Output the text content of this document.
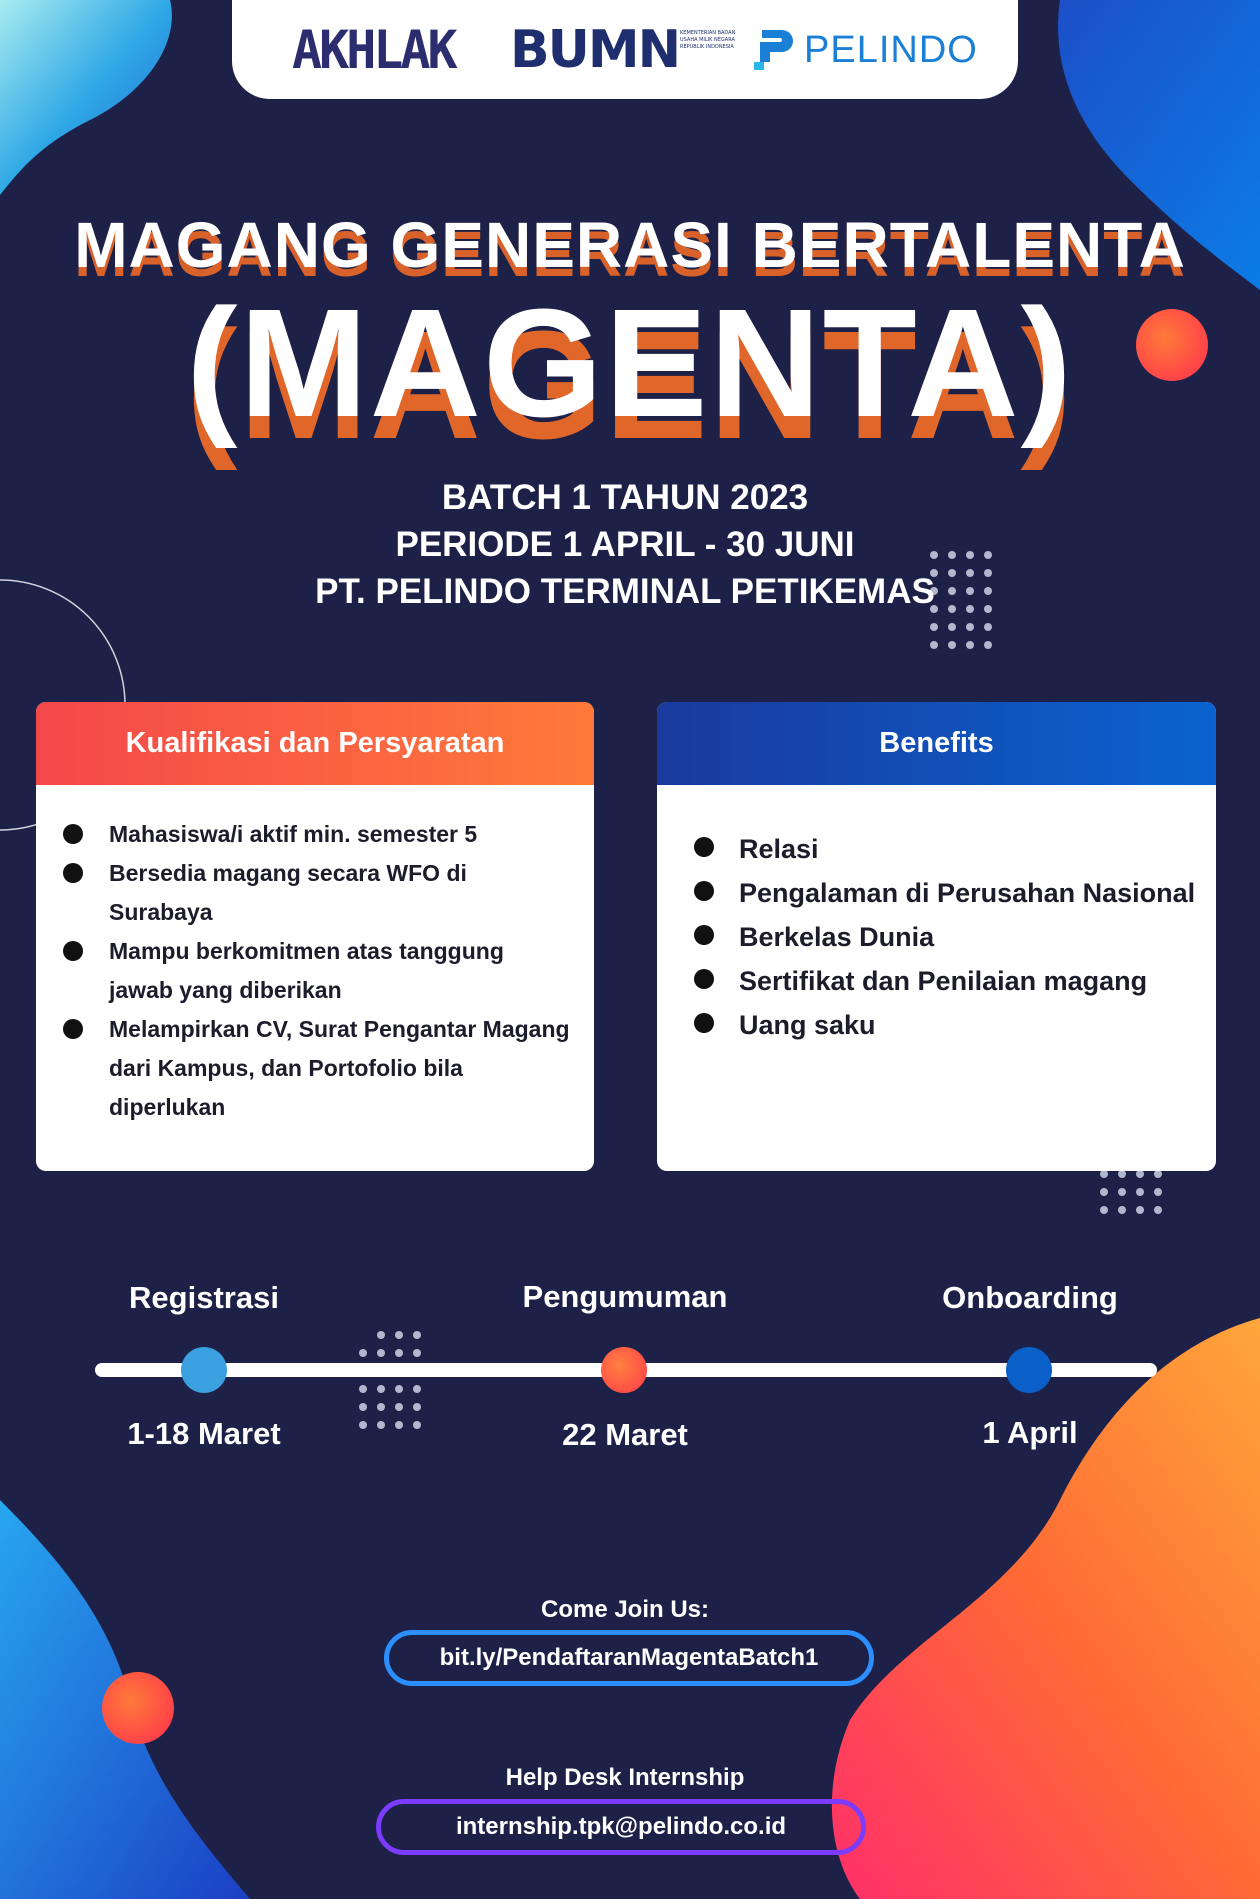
AKHLAK BUMN KEMENTERIAN BADAN USAHA MILIK NEGARA REPUBLIK INDONESIA PELINDO
MAGANG GENERASI BERTALENTA
(MAGENTA)
BATCH 1 TAHUN 2023
PERIODE 1 APRIL - 30 JUNI
PT. PELINDO TERMINAL PETIKEMAS
Kualifikasi dan Persyaratan
Mahasiswa/i aktif min. semester 5
Bersedia magang secara WFO di Surabaya
Mampu berkomitmen atas tanggung jawab yang diberikan
Melampirkan CV, Surat Pengantar Magang dari Kampus, dan Portofolio bila diperlukan
Benefits
Relasi
Pengalaman di Perusahan Nasional
Berkelas Dunia
Sertifikat dan Penilaian magang
Uang saku
Registrasi	Pengumuman	Onboarding
1-18 Maret	22 Maret	1 April
Come Join Us:
bit.ly/PendaftaranMagentaBatch1
Help Desk Internship
internship.tpk@pelindo.co.id
